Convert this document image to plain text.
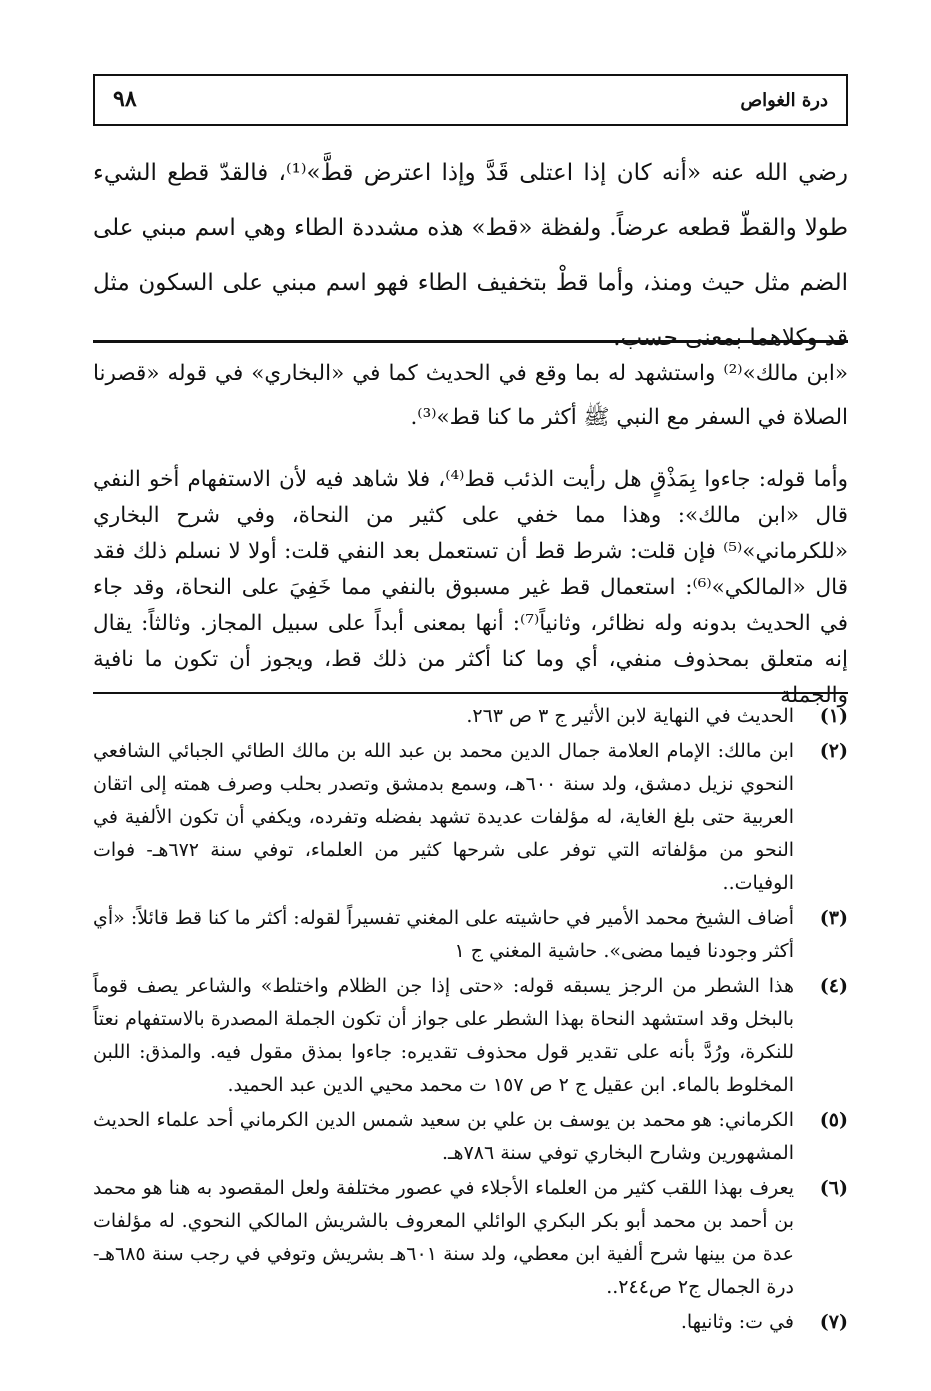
٩٨	درة الغواص
رضي الله عنه «أنه كان إذا اعتلى قَدَّ وإذا اعترض قطَّ»⁽¹⁾، فالقدّ قطع الشيء طولا والقطّ قطعه عرضاً. ولفظة «قط» هذه مشددة الطاء وهي اسم مبني على الضم مثل حيث ومنذ، وأما قطْ بتخفيف الطاء فهو اسم مبني على السكون مثل قد وكلاهما بمعنى حسب.
«ابن مالك»⁽²⁾ واستشهد له بما وقع في الحديث كما في «البخاري» في قوله «قصرنا الصلاة في السفر مع النبي ﷺ أكثر ما كنا قط»⁽³⁾.
وأما قوله: جاءوا بِمَذْقٍ هل رأيت الذئب قط⁽⁴⁾، فلا شاهد فيه لأن الاستفهام أخو النفي قال «ابن مالك»: وهذا مما خفي على كثير من النحاة، وفي شرح البخاري «للكرماني»⁽⁵⁾ فإن قلت: شرط قط أن تستعمل بعد النفي قلت: أولا لا نسلم ذلك فقد قال «المالكي»⁽⁶⁾: استعمال قط غير مسبوق بالنفي مما خَفِيَ على النحاة، وقد جاء في الحديث بدونه وله نظائر، وثانياً⁽⁷⁾: أنها بمعنى أبداً على سبيل المجاز. وثالثاً: يقال إنه متعلق بمحذوف منفي، أي وما كنا أكثر من ذلك قط، ويجوز أن تكون ما نافية والجملة
(١)
الحديث في النهاية لابن الأثير ج ٣ ص ٢٦٣.
(٢)
ابن مالك: الإمام العلامة جمال الدين محمد بن عبد الله بن مالك الطائي الجبائي الشافعي النحوي نزيل دمشق، ولد سنة ٦٠٠هـ، وسمع بدمشق وتصدر بحلب وصرف همته إلى اتقان العربية حتى بلغ الغاية، له مؤلفات عديدة تشهد بفضله وتفرده، ويكفي أن تكون الألفية في النحو من مؤلفاته التي توفر على شرحها كثير من العلماء، توفي سنة ٦٧٢هـ- فوات الوفيات..
(٣)
أضاف الشيخ محمد الأمير في حاشيته على المغني تفسيراً لقوله: أكثر ما كنا قط قائلاً: «أي أكثر وجودنا فيما مضى». حاشية المغني ج ١
(٤)
هذا الشطر من الرجز يسبقه قوله: «حتى إذا جن الظلام واختلط» والشاعر يصف قوماً بالبخل وقد استشهد النحاة بهذا الشطر على جواز أن تكون الجملة المصدرة بالاستفهام نعتاً للنكرة، ورُدَّ بأنه على تقدير قول محذوف تقديره: جاءوا بمذق مقول فيه. والمذق: اللبن المخلوط بالماء. ابن عقيل ج ٢ ص ١٥٧ ت محمد محيي الدين عبد الحميد.
(٥)
الكرماني: هو محمد بن يوسف بن علي بن سعيد شمس الدين الكرماني أحد علماء الحديث المشهورين وشارح البخاري توفي سنة ٧٨٦هـ.
(٦)
يعرف بهذا اللقب كثير من العلماء الأجلاء في عصور مختلفة ولعل المقصود به هنا هو محمد بن أحمد بن محمد أبو بكر البكري الوائلي المعروف بالشريش المالكي النحوي. له مؤلفات عدة من بينها شرح ألفية ابن معطي، ولد سنة ٦٠١هـ بشريش وتوفي في رجب سنة ٦٨٥هـ- درة الجمال ج٢ ص٢٤٤..
(٧)
في ت: وثانيها.
